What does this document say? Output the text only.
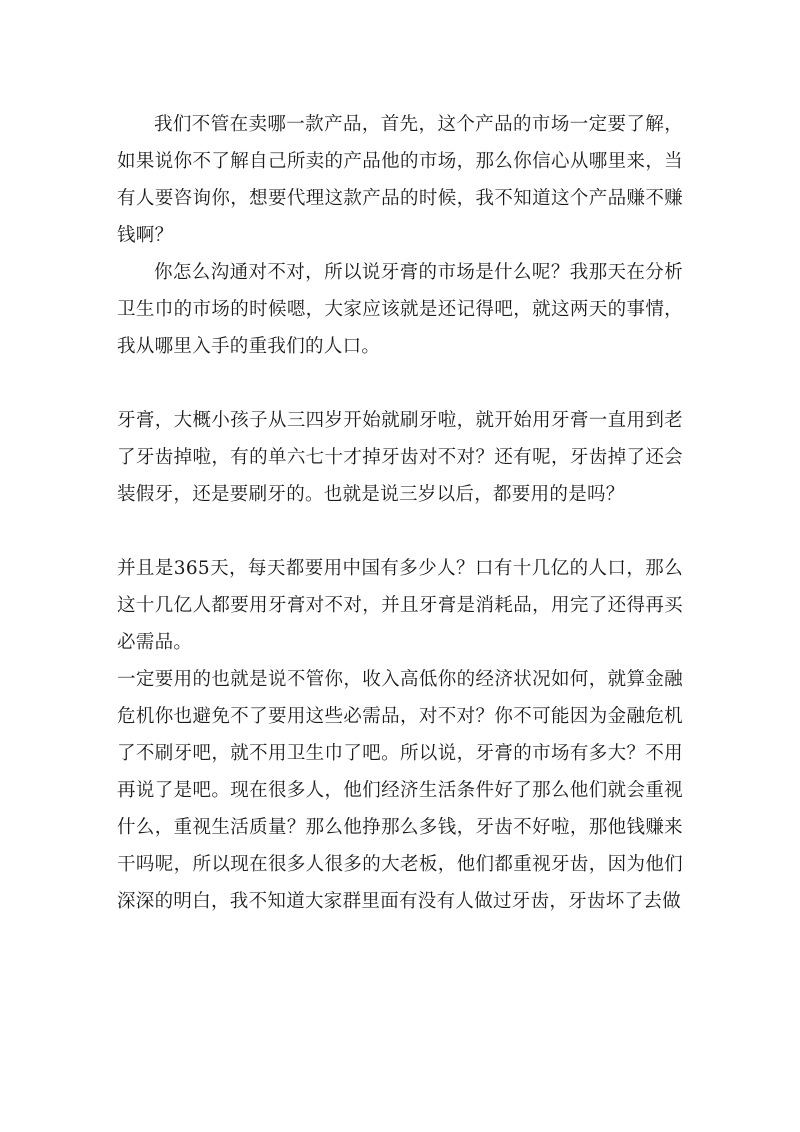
我们不管在卖哪一款产品，首先，这个产品的市场一定要了解，如果说你不了解自己所卖的产品他的市场，那么你信心从哪里来，当有人要咨询你，想要代理这款产品的时候，我不知道这个产品赚不赚钱啊？

你怎么沟通对不对，所以说牙膏的市场是什么呢？我那天在分析卫生巾的市场的时候嗯，大家应该就是还记得吧，就这两天的事情，我从哪里入手的重我们的人口。

牙膏，大概小孩子从三四岁开始就刷牙啦，就开始用牙膏一直用到老了牙齿掉啦，有的单六七十才掉牙齿对不对？还有呢，牙齿掉了还会装假牙，还是要刷牙的。也就是说三岁以后，都要用的是吗？

并且是365天，每天都要用中国有多少人？口有十几亿的人口，那么这十几亿人都要用牙膏对不对，并且牙膏是消耗品，用完了还得再买必需品。

一定要用的也就是说不管你，收入高低你的经济状况如何，就算金融危机你也避免不了要用这些必需品，对不对？你不可能因为金融危机了不刷牙吧，就不用卫生巾了吧。所以说，牙膏的市场有多大？不用再说了是吧。现在很多人，他们经济生活条件好了那么他们就会重视什么，重视生活质量？那么他挣那么多钱，牙齿不好啦，那他钱赚来干吗呢，所以现在很多人很多的大老板，他们都重视牙齿，因为他们深深的明白，我不知道大家群里面有没有人做过牙齿，牙齿坏了去做
